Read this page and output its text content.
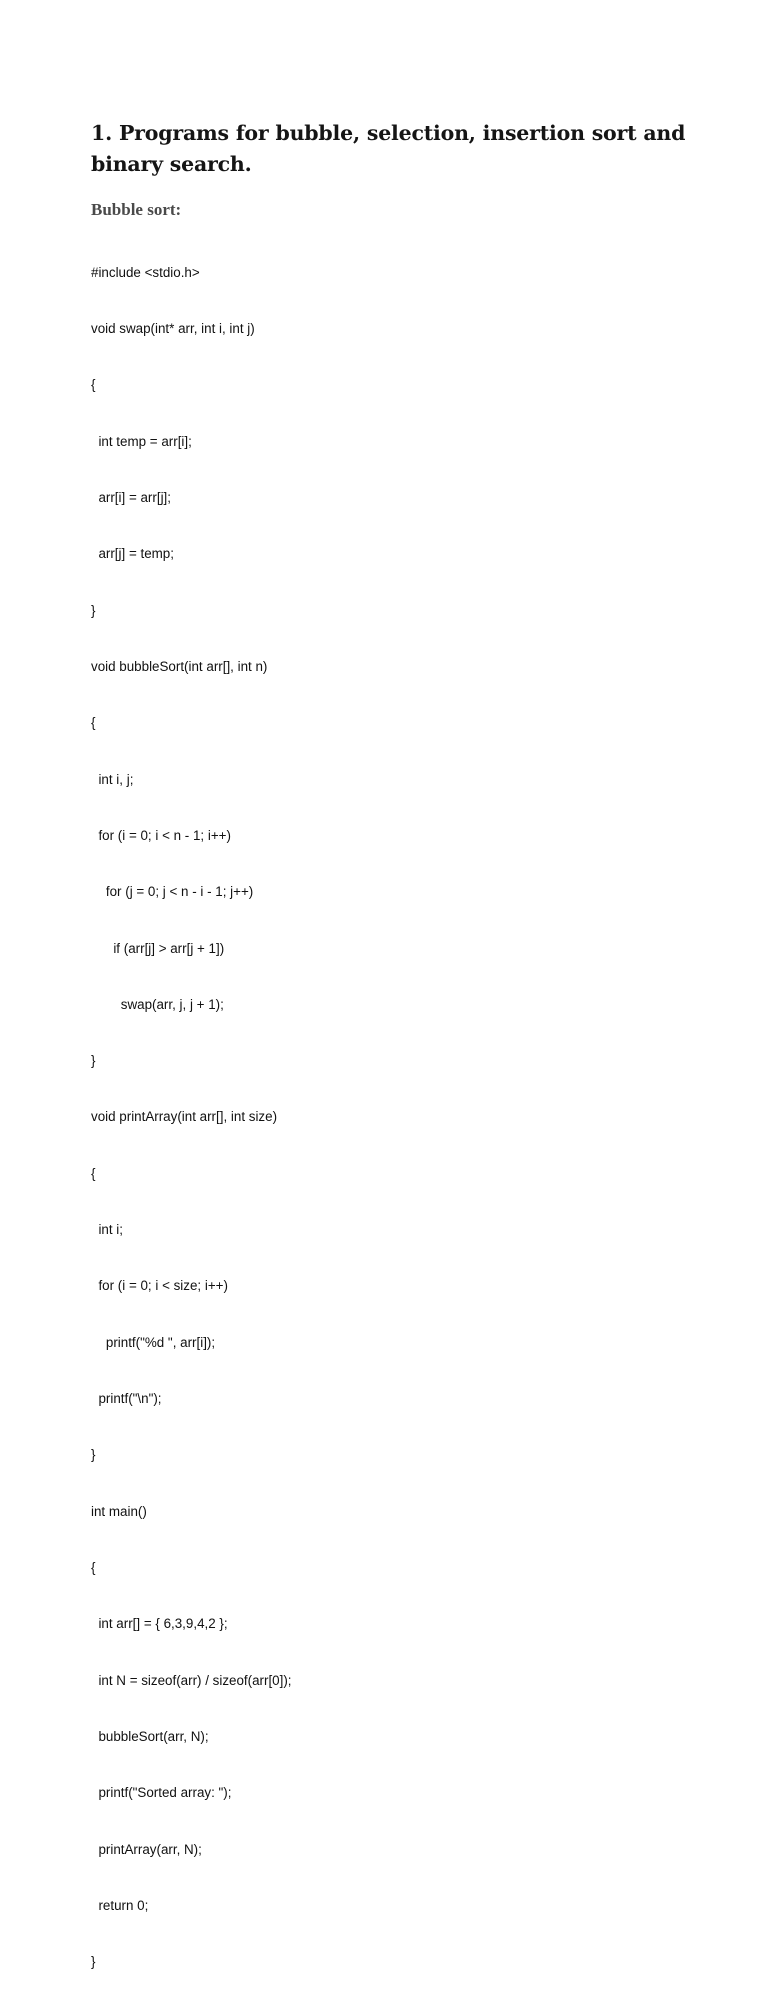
1. Programs for bubble, selection, insertion sort and binary search.
Bubble sort:

#include <stdio.h>

void swap(int* arr, int i, int j)

{

int temp = arr[i];

arr[i] = arr[j];

arr[j] = temp;

}

void bubbleSort(int arr[], int n)

{

int i, j;

for (i = 0; i < n - 1; i++)

for (j = 0; j < n - i - 1; j++)

if (arr[j] > arr[j + 1])

swap(arr, j, j + 1);

}

void printArray(int arr[], int size)

{

int i;

for (i = 0; i < size; i++)

printf("%d ", arr[i]);

printf("\n");

}

int main()

{

int arr[] = { 6,3,9,4,2 };

int N = sizeof(arr) / sizeof(arr[0]);

bubbleSort(arr, N);

printf("Sorted array: ");

printArray(arr, N);

return 0;

}
